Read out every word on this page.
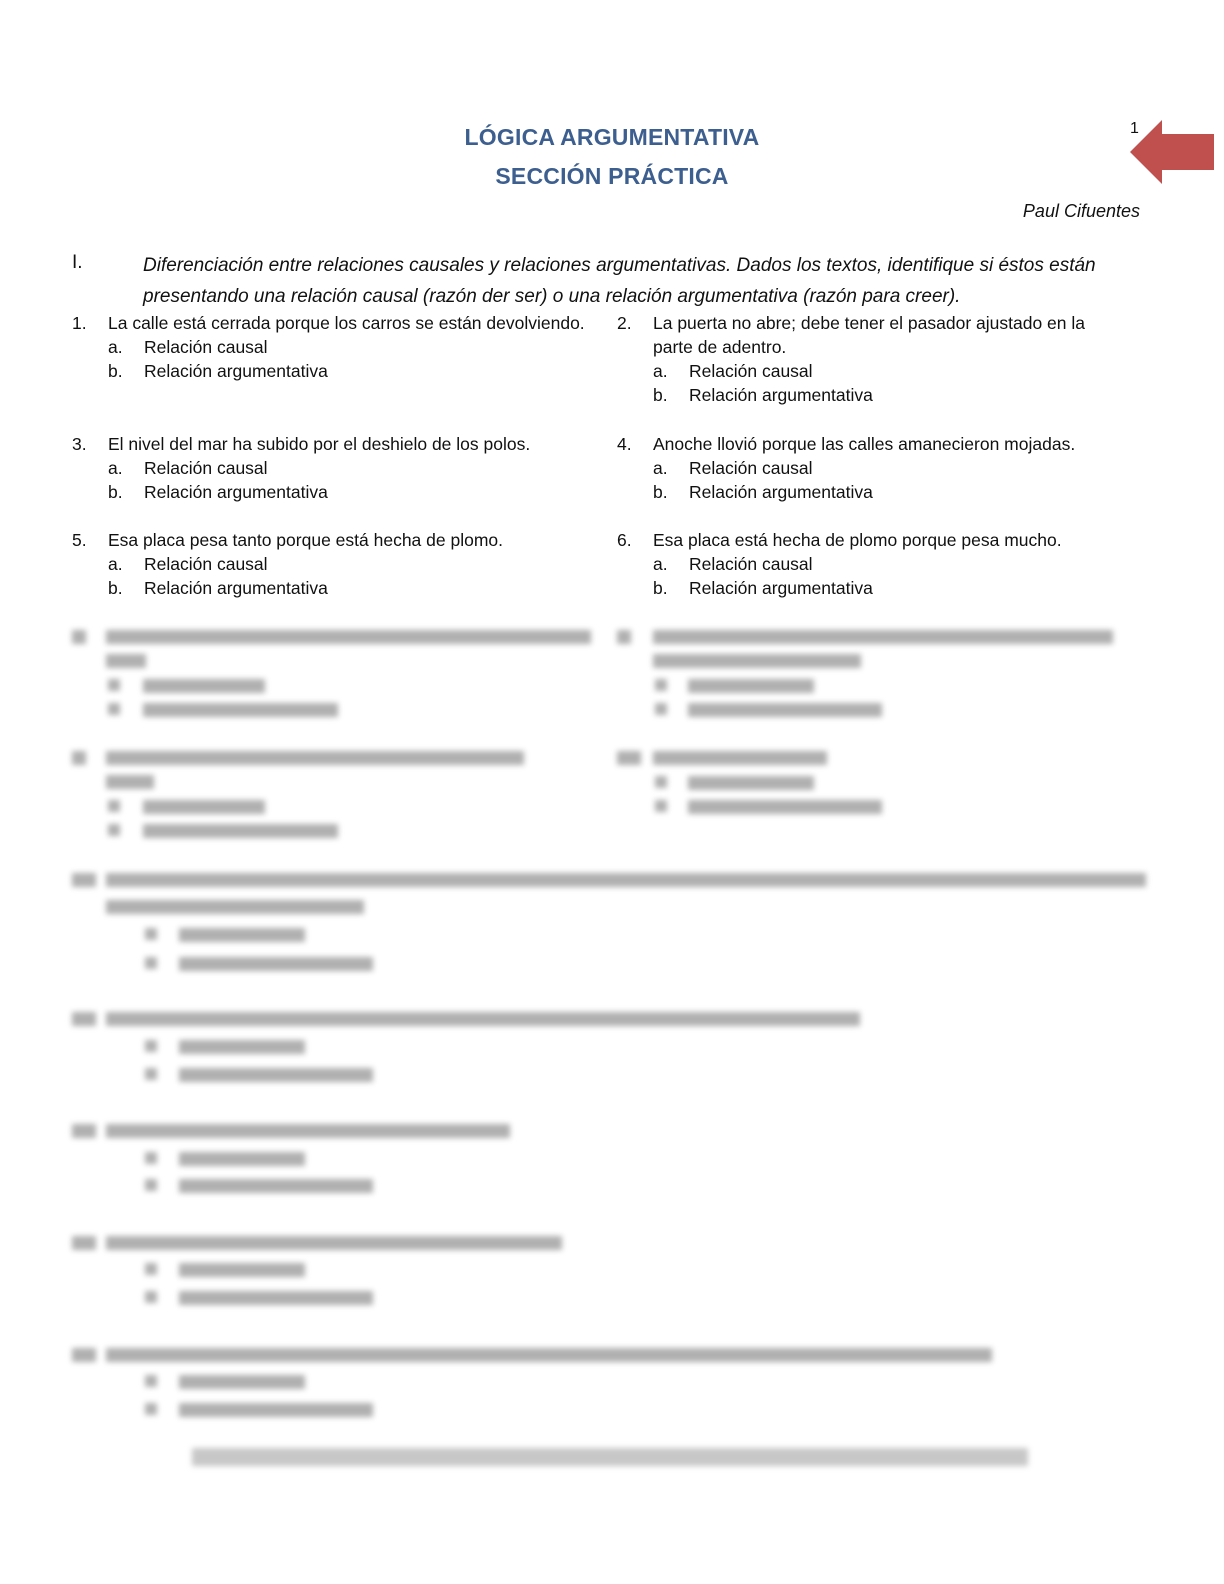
LÓGICA ARGUMENTATIVA
SECCIÓN PRÁCTICA
1
Paul Cifuentes
I.	Diferenciación entre relaciones causales y relaciones argumentativas. Dados los textos, identifique si éstos están presentando una relación causal (razón der ser) o una relación argumentativa (razón para creer).
1. La calle está cerrada porque los carros se están devolviendo.
a. Relación causal
b. Relación argumentativa
2. La puerta no abre; debe tener el pasador ajustado en la parte de adentro.
a. Relación causal
b. Relación argumentativa
3. El nivel del mar ha subido por el deshielo de los polos.
a. Relación causal
b. Relación argumentativa
4. Anoche llovió porque las calles amanecieron mojadas.
a. Relación causal
b. Relación argumentativa
5. Esa placa pesa tanto porque está hecha de plomo.
a. Relación causal
b. Relación argumentativa
6. Esa placa está hecha de plomo porque pesa mucho.
a. Relación causal
b. Relación argumentativa
